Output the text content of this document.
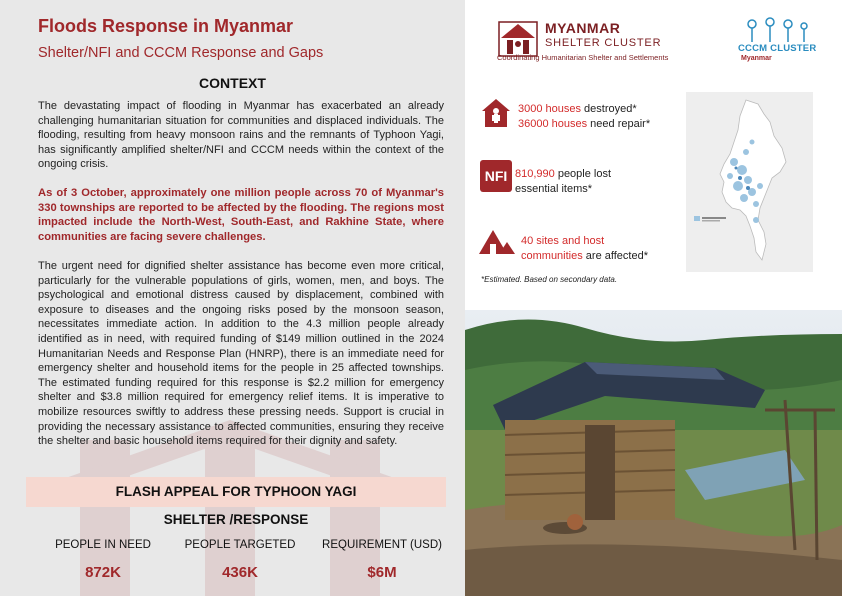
Floods Response in Myanmar
Shelter/NFI and CCCM Response and Gaps
CONTEXT

The devastating impact of flooding in Myanmar has exacerbated an already challenging humanitarian situation for communities and displaced individuals. The flooding, resulting from heavy monsoon rains and the remnants of Typhoon Yagi, has significantly amplified shelter/NFI and CCCM needs within the context of the ongoing crisis.

As of 3 October, approximately one million people across 70 of Myanmar's 330 townships are reported to be affected by the flooding. The regions most impacted include the North-West, South-East, and Rakhine State, where communities are facing severe challenges.

The urgent need for dignified shelter assistance has become even more critical, particularly for the vulnerable populations of girls, women, men, and boys. The psychological and emotional distress caused by displacement, combined with exposure to diseases and the ongoing risks posed by the monsoon season, necessitates immediate action. In addition to the 4.3 million people already identified as in need, with required funding of $149 million outlined in the 2024 Humanitarian Needs and Response Plan (HNRP), there is an immediate need for emergency shelter and household items for the people in 25 affected townships. The estimated funding required for this response is $2.2 million for emergency shelter and $3.8 million required for emergency relief items. It is imperative to mobilize resources swiftly to address these pressing needs. Support is crucial in providing the necessary assistance to affected communities, ensuring they receive the shelter and basic household items required for their dignity and safety.

FLASH APPEAL FOR TYPHOON YAGI
SHELTER /RESPONSE
PEOPLE IN NEED
872K
PEOPLE TARGETED
436K
REQUIREMENT (USD)
$6M
MYANMAR
SHELTER CLUSTER
Coordinating Humanitarian Shelter and Settlements
CCCM CLUSTER
Myanmar
3000 houses destroyed*
36000 houses need repair*
NFI 810,990 people lost
essential items*
40 sites and host
communities are affected*
*Estimated. Based on secondary data.
